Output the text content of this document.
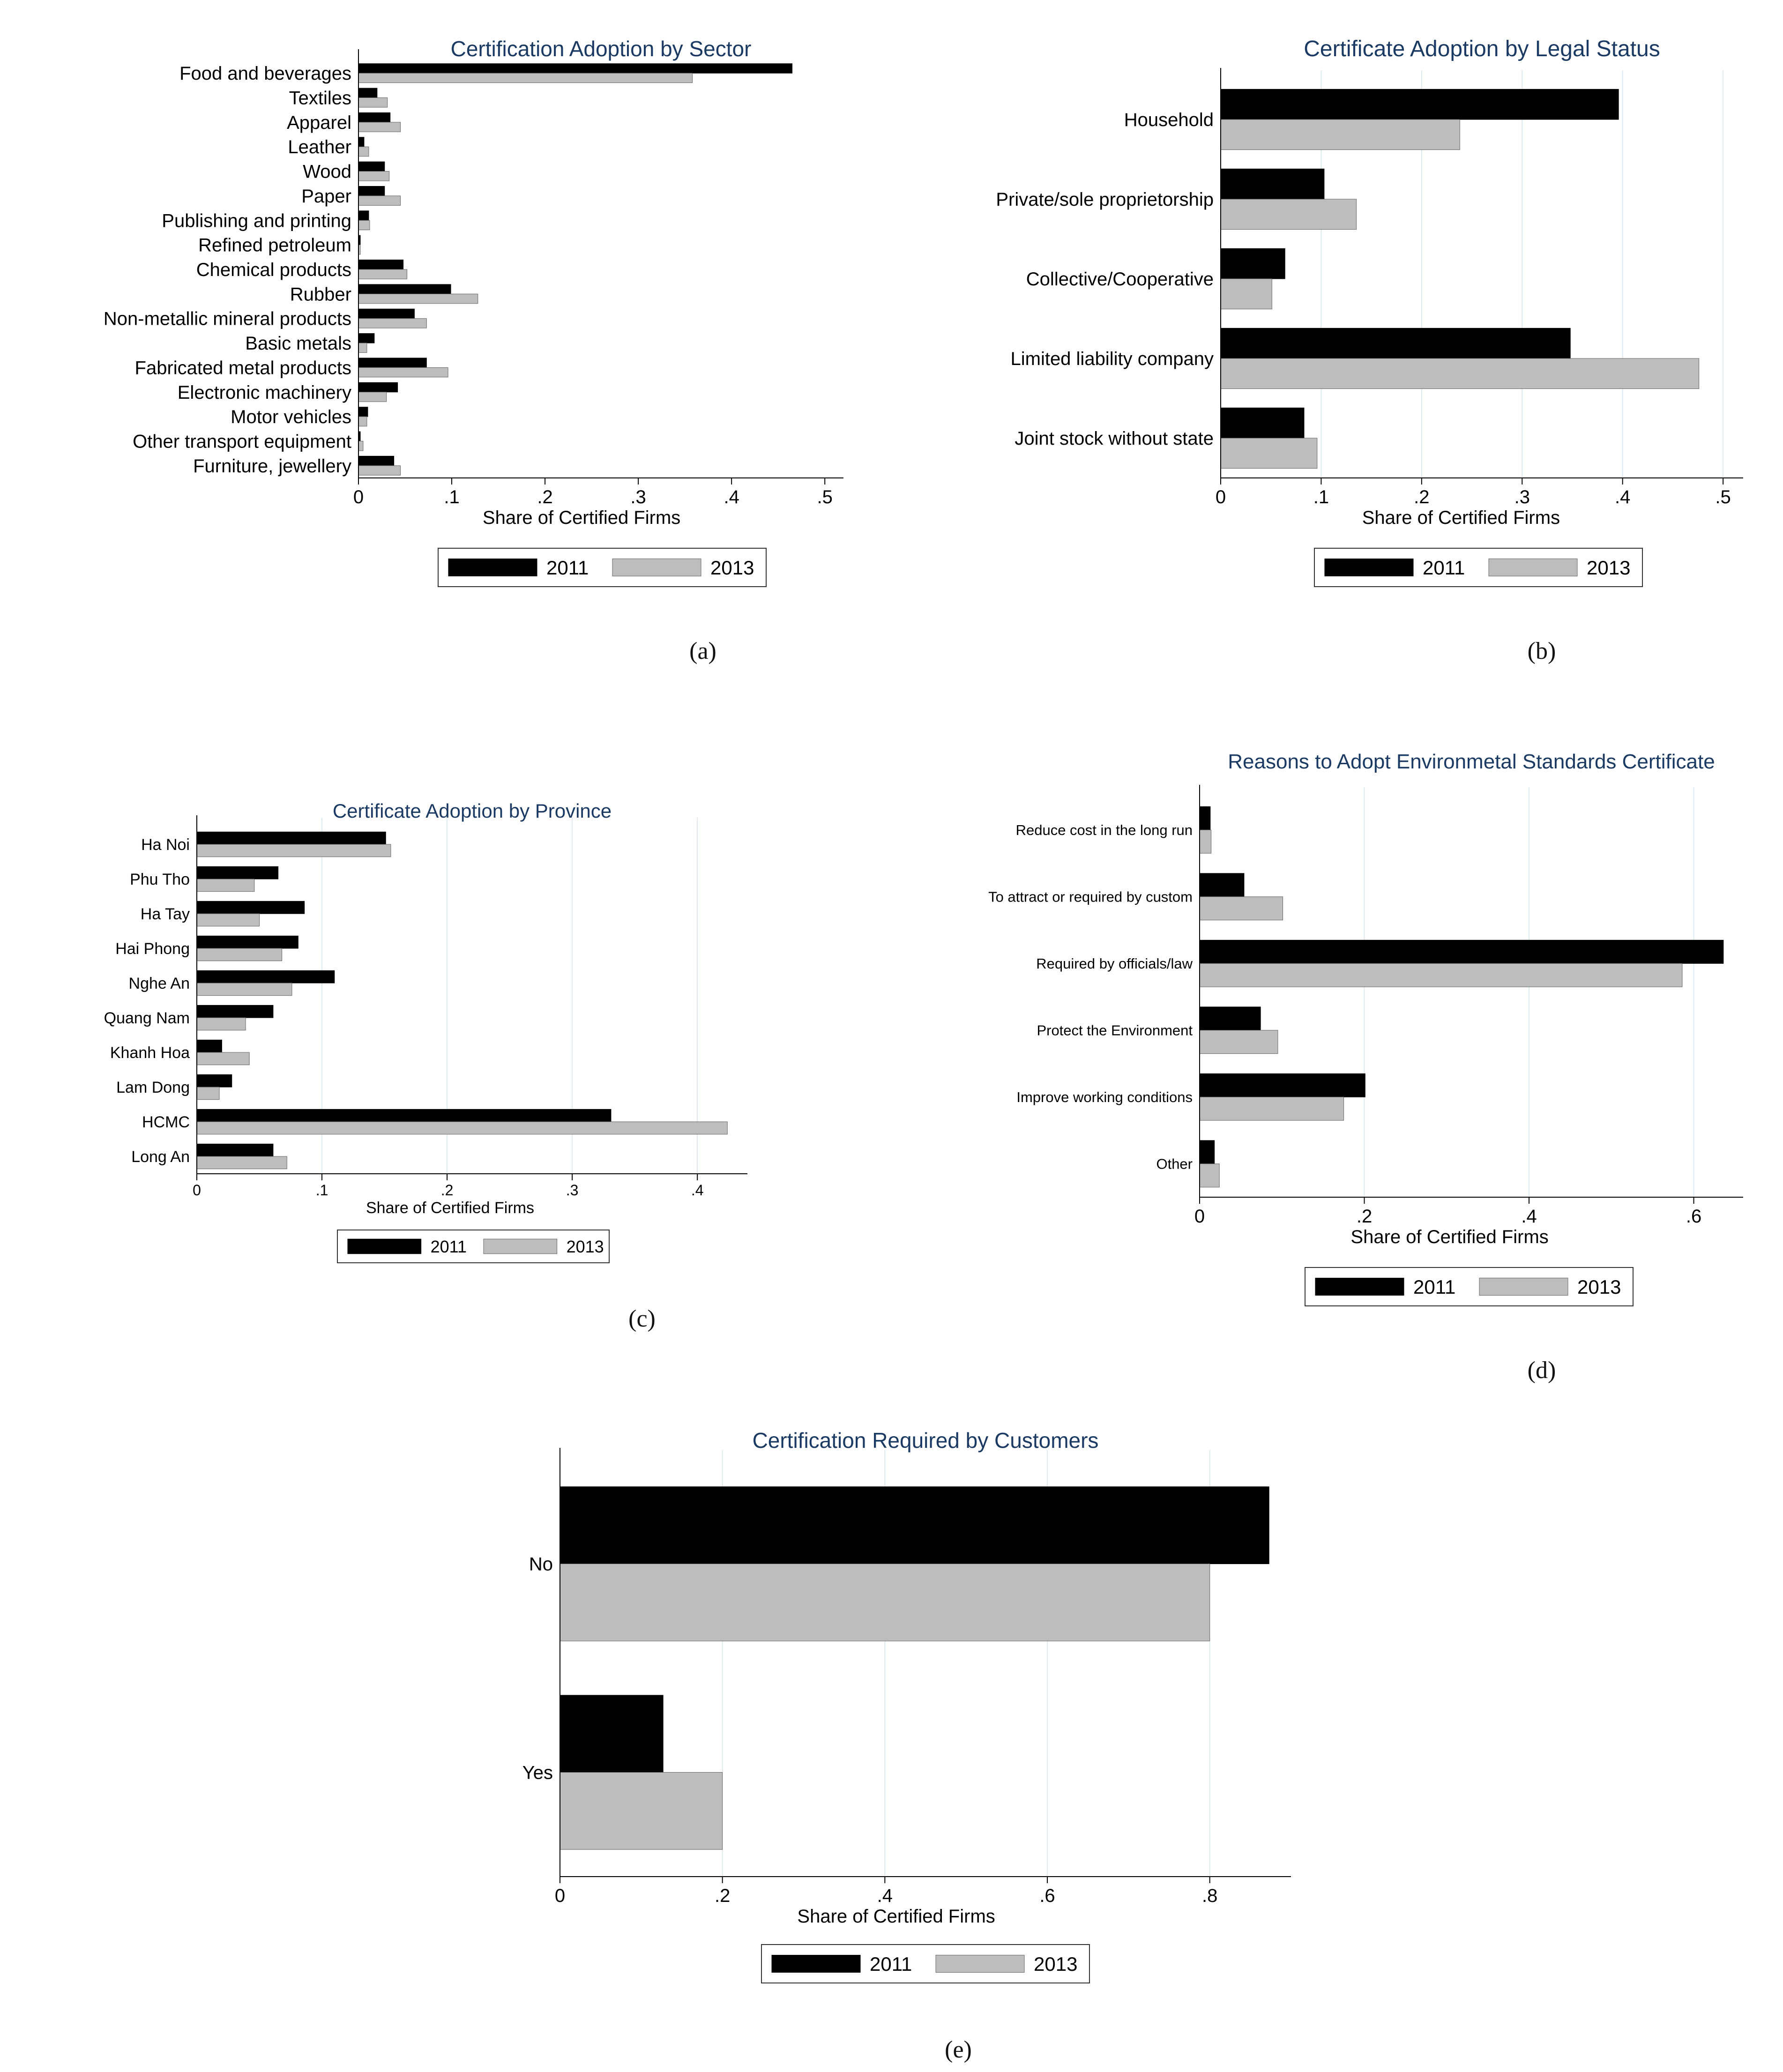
Certification Adoption by Sector
Food and beverages
Textiles
Apparel
Leather
Wood
Paper
Publishing and printing
Refined petroleum
Chemical products
Rubber
Non-metallic mineral products
Basic metals
Fabricated metal products
Electronic machinery
Motor vehicles
Other transport equipment
Furniture, jewellery
0	.1	.2	.3	.4	.5
Share of Certified Firms
2011	2013
(a)
Certificate Adoption by Legal Status
Household
Private/sole proprietorship
Collective/Cooperative
Limited liability company
Joint stock without state
0	.1	.2	.3	.4	.5
Share of Certified Firms
2011	2013
(b)
Certificate Adoption by Province
Ha Noi
Phu Tho
Ha Tay
Hai Phong
Nghe An
Quang Nam
Khanh Hoa
Lam Dong
HCMC
Long An
0	.1	.2	.3	.4
Share of Certified Firms
2011	2013
(c)
Reasons to Adopt Environmetal Standards Certificate
Reduce cost in the long run
To attract or required by custom
Required by officials/law
Protect the Environment
Improve working conditions
Other
0	.2	.4	.6
Share of Certified Firms
2011	2013
(d)
Certification Required by Customers
No
Yes
0	.2	.4	.6	.8
Share of Certified Firms
2011	2013
(e)
